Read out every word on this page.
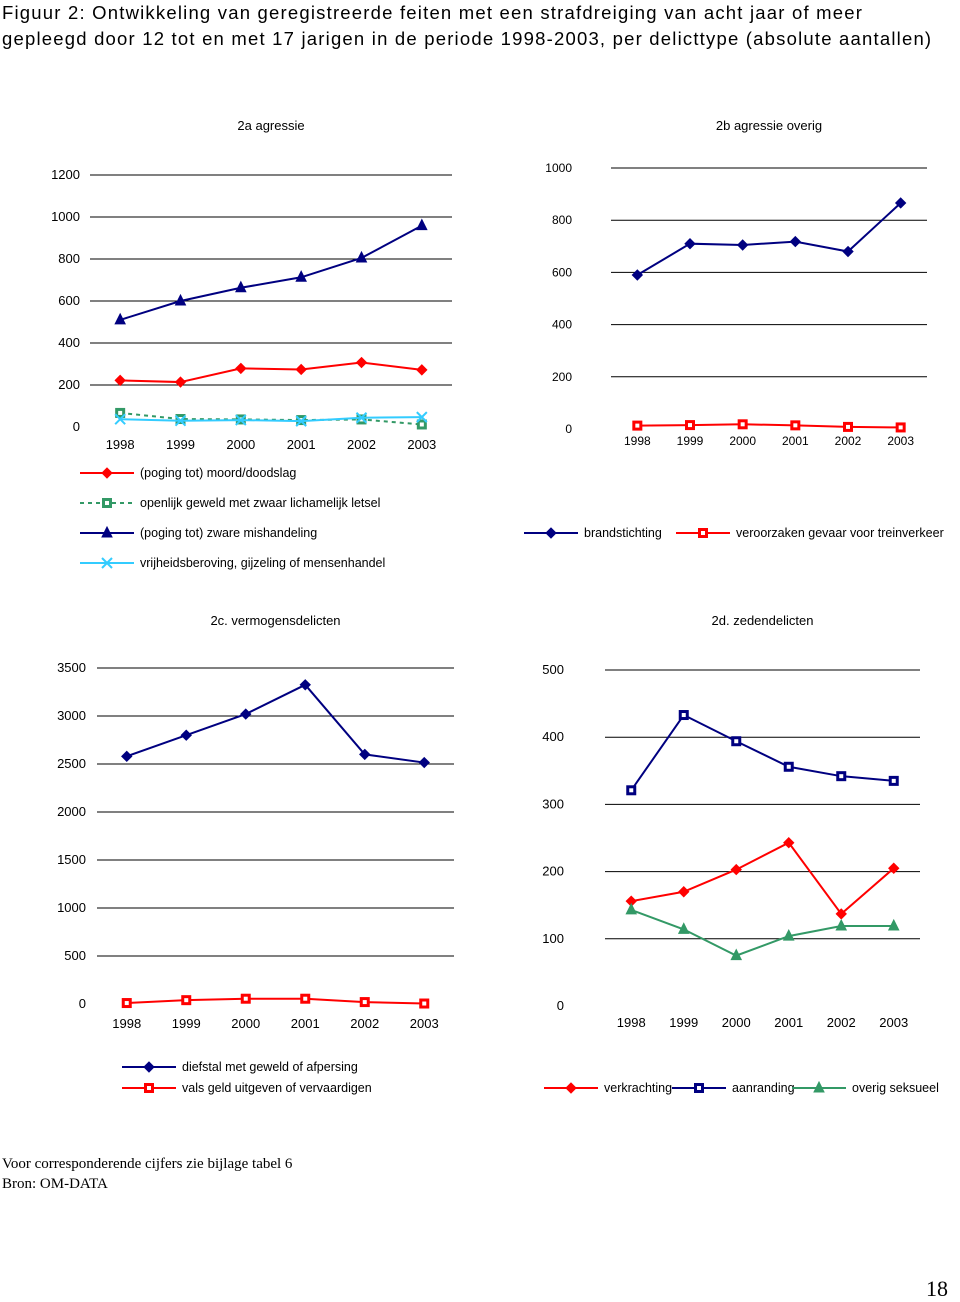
Figuur 2: Ontwikkeling van geregistreerde feiten met een strafdreiging van acht jaar of meer gepleegd door 12 tot en met 17 jarigen in de periode 1998-2003, per delicttype (absolute aantallen)
2a agressie
0
200
400
600
800
1000
1200
1998 1999 2000 2001 2002 2003
2b agressie overig
0
200
400
600
800
1000
1998 1999 2000 2001 2002 2003
2c. vermogensdelicten
0
500
1000
1500
2000
2500
3000
3500
1998 1999 2000 2001 2002 2003
2d. zedendelicten
0
100
200
300
400
500
1998 1999 2000 2001 2002 2003
(poging tot) moord/doodslag
openlijk geweld met zwaar lichamelijk letsel
(poging tot) zware mishandeling
vrijheidsberoving, gijzeling of mensenhandel
brandstichting	veroorzaken gevaar voor treinverkeer
diefstal met geweld of afpersing
vals geld uitgeven of vervaardigen	verkrachting	aanranding	overig seksueel
Voor corresponderende cijfers zie bijlage tabel 6
Bron: OM-DATA
18
